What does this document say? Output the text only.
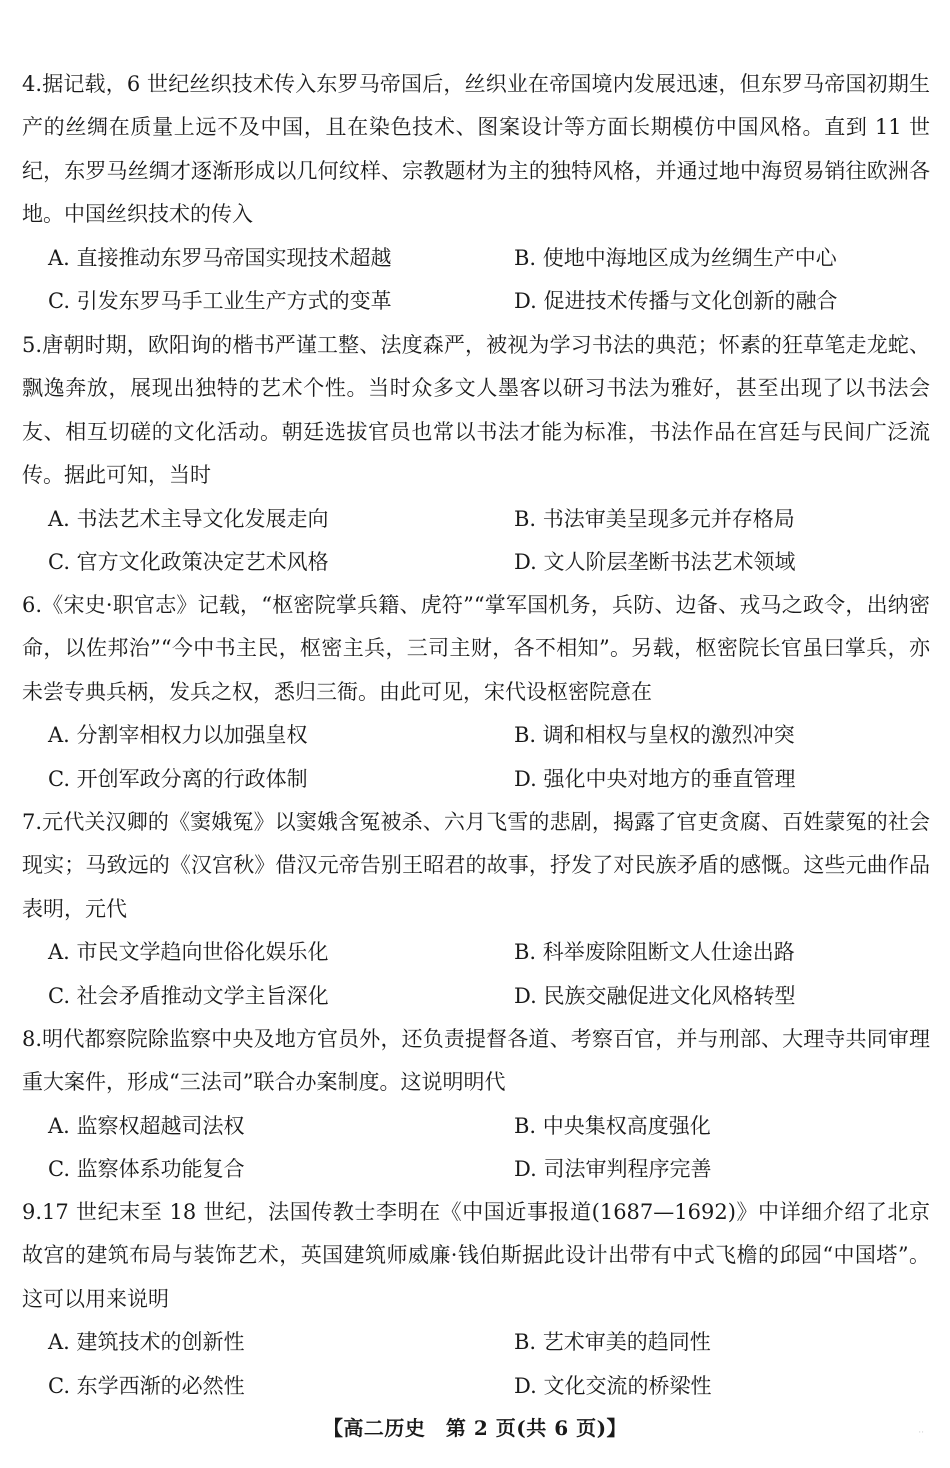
4.据记载，6 世纪丝织技术传入东罗马帝国后，丝织业在帝国境内发展迅速，但东罗马帝国初期生产的丝绸在质量上远不及中国，且在染色技术、图案设计等方面长期模仿中国风格。直到 11 世纪，东罗马丝绸才逐渐形成以几何纹样、宗教题材为主的独特风格，并通过地中海贸易销往欧洲各地。中国丝织技术的传入

A. 直接推动东罗马帝国实现技术超越	B. 使地中海地区成为丝绸生产中心
C. 引发东罗马手工业生产方式的变革	D. 促进技术传播与文化创新的融合

5.唐朝时期，欧阳询的楷书严谨工整、法度森严，被视为学习书法的典范；怀素的狂草笔走龙蛇、飘逸奔放，展现出独特的艺术个性。当时众多文人墨客以研习书法为雅好，甚至出现了以书法会友、相互切磋的文化活动。朝廷选拔官员也常以书法才能为标准，书法作品在宫廷与民间广泛流传。据此可知，当时

A. 书法艺术主导文化发展走向	B. 书法审美呈现多元并存格局
C. 官方文化政策决定艺术风格	D. 文人阶层垄断书法艺术领域

6.《宋史·职官志》记载，“枢密院掌兵籍、虎符”“掌军国机务，兵防、边备、戎马之政令，出纳密命，以佐邦治”“今中书主民，枢密主兵，三司主财，各不相知”。另载，枢密院长官虽曰掌兵，亦未尝专典兵柄，发兵之权，悉归三衙。由此可见，宋代设枢密院意在

A. 分割宰相权力以加强皇权	B. 调和相权与皇权的激烈冲突
C. 开创军政分离的行政体制	D. 强化中央对地方的垂直管理

7.元代关汉卿的《窦娥冤》以窦娥含冤被杀、六月飞雪的悲剧，揭露了官吏贪腐、百姓蒙冤的社会现实；马致远的《汉宫秋》借汉元帝告别王昭君的故事，抒发了对民族矛盾的感慨。这些元曲作品表明，元代

A. 市民文学趋向世俗化娱乐化	B. 科举废除阻断文人仕途出路
C. 社会矛盾推动文学主旨深化	D. 民族交融促进文化风格转型

8.明代都察院除监察中央及地方官员外，还负责提督各道、考察百官，并与刑部、大理寺共同审理重大案件，形成“三法司”联合办案制度。这说明明代

A. 监察权超越司法权	B. 中央集权高度强化
C. 监察体系功能复合	D. 司法审判程序完善

9.17 世纪末至 18 世纪，法国传教士李明在《中国近事报道(1687—1692)》中详细介绍了北京故宫的建筑布局与装饰艺术，英国建筑师威廉·钱伯斯据此设计出带有中式飞檐的邱园“中国塔”。这可以用来说明

A. 建筑技术的创新性	B. 艺术审美的趋同性
C. 东学西渐的必然性	D. 文化交流的桥梁性
【高二历史　第 2 页(共 6 页)】	··
